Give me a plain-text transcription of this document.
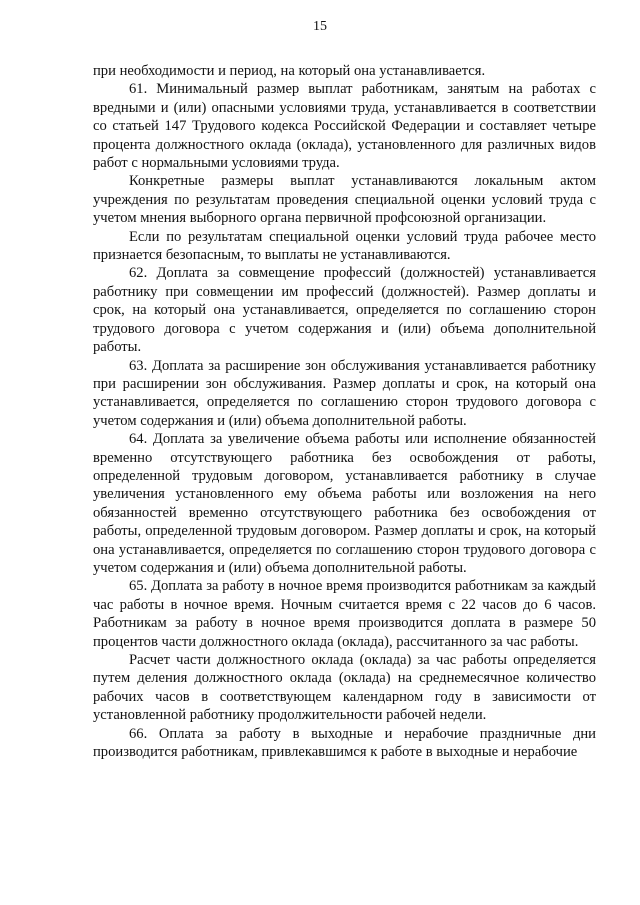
15

при необходимости и период, на который она устанавливается.

61. Минимальный размер выплат работникам, занятым на работах с вредными и (или) опасными условиями труда, устанавливается в соответствии со статьей 147 Трудового кодекса Российской Федерации и составляет четыре процента должностного оклада (оклада), установленного для различных видов работ с нормальными условиями труда.

Конкретные размеры выплат устанавливаются локальным актом учреждения по результатам проведения специальной оценки условий труда с учетом мнения выборного органа первичной профсоюзной организации.

Если по результатам специальной оценки условий труда рабочее место признается безопасным, то выплаты не устанавливаются.

62. Доплата за совмещение профессий (должностей) устанавливается работнику при совмещении им профессий (должностей). Размер доплаты и срок, на который она устанавливается, определяется по соглашению сторон трудового договора с учетом содержания и (или) объема дополнительной работы.

63. Доплата за расширение зон обслуживания устанавливается работнику при расширении зон обслуживания. Размер доплаты и срок, на который она устанавливается, определяется по соглашению сторон трудового договора с учетом содержания и (или) объема дополнительной работы.

64. Доплата за увеличение объема работы или исполнение обязанностей временно отсутствующего работника без освобождения от работы, определенной трудовым договором, устанавливается работнику в случае увеличения установленного ему объема работы или возложения на него обязанностей временно отсутствующего работника без освобождения от работы, определенной трудовым договором. Размер доплаты и срок, на который она устанавливается, определяется по соглашению сторон трудового договора с учетом содержания и (или) объема дополнительной работы.

65. Доплата за работу в ночное время производится работникам за каждый час работы в ночное время. Ночным считается время с 22 часов до 6 часов. Работникам за работу в ночное время производится доплата в размере 50 процентов части должностного оклада (оклада), рассчитанного за час работы.

Расчет части должностного оклада (оклада) за час работы определяется путем деления должностного оклада (оклада) на среднемесячное количество рабочих часов в соответствующем календарном году в зависимости от установленной работнику продолжительности рабочей недели.

66. Оплата за работу в выходные и нерабочие праздничные дни производится работникам, привлекавшимся к работе в выходные и нерабочие
